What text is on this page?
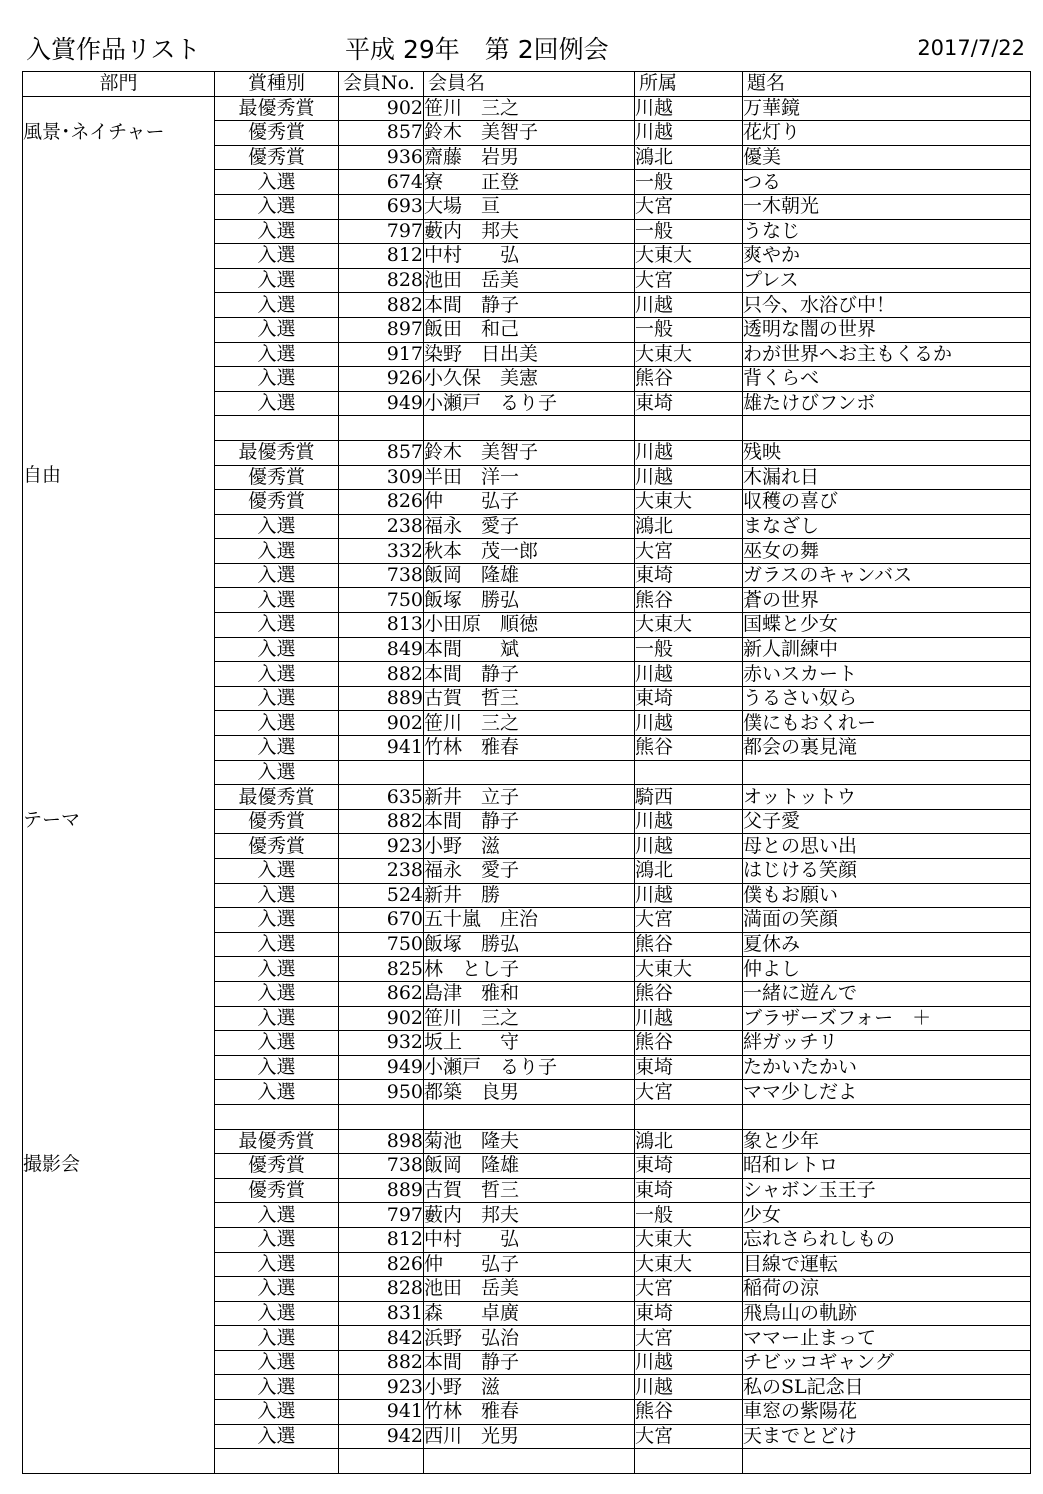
入賞作品リスト	平成 29年　第 2回例会	2017/7/22
部門	賞種別	会員No.	会員名	所属	題名

風景･ネイチャー	最優秀賞	902	笹川　三之	川越	万華鏡
	優秀賞	857	鈴木　美智子	川越	花灯り
	優秀賞	936	齋藤　岩男	鴻北	優美
	入選	674	寮　　正登	一般	つる
	入選	693	大場　亘	大宮	一木朝光
	入選	797	藪内　邦夫	一般	うなじ
	入選	812	中村　　弘	大東大	爽やか
	入選	828	池田　岳美	大宮	プレス
	入選	882	本間　静子	川越	只今、水浴び中！
	入選	897	飯田　和己	一般	透明な闇の世界
	入選	917	染野　日出美	大東大	わが世界へお主もくるか
	入選	926	小久保　美憲	熊谷	背くらべ
	入選	949	小瀬戸　るり子	東埼	雄たけびフンボ

自由	最優秀賞	857	鈴木　美智子	川越	残映
	優秀賞	309	半田　洋一	川越	木漏れ日
	優秀賞	826	仲　　弘子	大東大	収穫の喜び
	入選	238	福永　愛子	鴻北	まなざし
	入選	332	秋本　茂一郎	大宮	巫女の舞
	入選	738	飯岡　隆雄	東埼	ガラスのキャンバス
	入選	750	飯塚　勝弘	熊谷	蒼の世界
	入選	813	小田原　順徳	大東大	国蝶と少女
	入選	849	本間　　斌	一般	新人訓練中
	入選	882	本間　静子	川越	赤いスカート
	入選	889	古賀　哲三	東埼	うるさい奴ら
	入選	902	笹川　三之	川越	僕にもおくれー
	入選	941	竹林　雅春	熊谷	都会の裏見滝
	入選				

テーマ	最優秀賞	635	新井　立子	騎西	オットットウ
	優秀賞	882	本間　静子	川越	父子愛
	優秀賞	923	小野　滋	川越	母との思い出
	入選	238	福永　愛子	鴻北	はじける笑顔
	入選	524	新井　勝	川越	僕もお願い
	入選	670	五十嵐　庄治	大宮	満面の笑顔
	入選	750	飯塚　勝弘	熊谷	夏休み
	入選	825	林　とし子	大東大	仲よし
	入選	862	島津　雅和	熊谷	一緒に遊んで
	入選	902	笹川　三之	川越	ブラザーズフォー　＋
	入選	932	坂上　　守	熊谷	絆ガッチリ
	入選	949	小瀬戸　るり子	東埼	たかいたかい
	入選	950	都築　良男	大宮	ママ少しだよ

撮影会	最優秀賞	898	菊池　隆夫	鴻北	象と少年
	優秀賞	738	飯岡　隆雄	東埼	昭和レトロ
	優秀賞	889	古賀　哲三	東埼	シャボン玉王子
	入選	797	藪内　邦夫	一般	少女
	入選	812	中村　　弘	大東大	忘れさられしもの
	入選	826	仲　　弘子	大東大	目線で運転
	入選	828	池田　岳美	大宮	稲荷の涼
	入選	831	森　　卓廣	東埼	飛鳥山の軌跡
	入選	842	浜野　弘治	大宮	ママー止まって
	入選	882	本間　静子	川越	チビッコギャング
	入選	923	小野　滋	川越	私のSL記念日
	入選	941	竹林　雅春	熊谷	車窓の紫陽花
	入選	942	西川　光男	大宮	天までとどけ
